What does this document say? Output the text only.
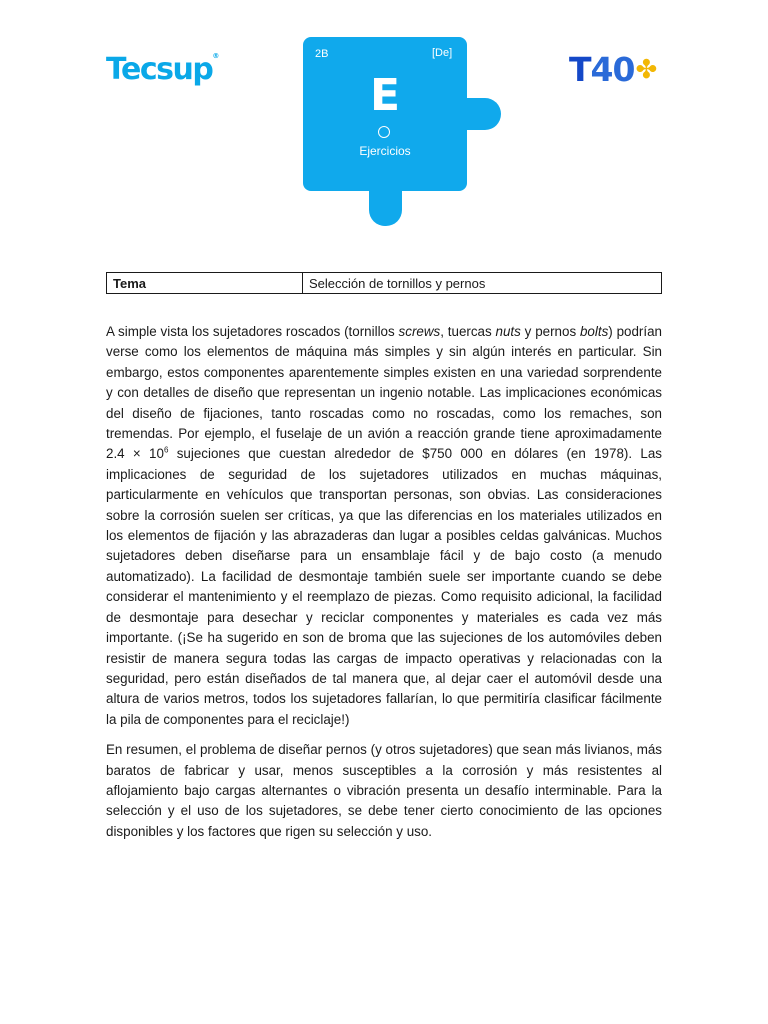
Tecsup®	T 40 ✤
2B	[De]
E
Ejercicios
Tema	Selección de tornillos y pernos

A simple vista los sujetadores roscados (tornillos screws, tuercas nuts y pernos bolts) podrían verse como los elementos de máquina más simples y sin algún interés en particular. Sin embargo, estos componentes aparentemente simples existen en una variedad sorprendente y con detalles de diseño que representan un ingenio notable. Las implicaciones económicas del diseño de fijaciones, tanto roscadas como no roscadas, como los remaches, son tremendas. Por ejemplo, el fuselaje de un avión a reacción grande tiene aproximadamente $2.4 \times 10^6$ sujeciones que cuestan alrededor de $750 000 en dólares (en 1978). Las implicaciones de seguridad de los sujetadores utilizados en muchas máquinas, particularmente en vehículos que transportan personas, son obvias. Las consideraciones sobre la corrosión suelen ser críticas, ya que las diferencias en los materiales utilizados en los elementos de fijación y las abrazaderas dan lugar a posibles celdas galvánicas. Muchos sujetadores deben diseñarse para un ensamblaje fácil y de bajo costo (a menudo automatizado). La facilidad de desmontaje también suele ser importante cuando se debe considerar el mantenimiento y el reemplazo de piezas. Como requisito adicional, la facilidad de desmontaje para desechar y reciclar componentes y materiales es cada vez más importante. (¡Se ha sugerido en son de broma que las sujeciones de los automóviles deben resistir de manera segura todas las cargas de impacto operativas y relacionadas con la seguridad, pero están diseñados de tal manera que, al dejar caer el automóvil desde una altura de varios metros, todos los sujetadores fallarían, lo que permitiría clasificar fácilmente la pila de componentes para el reciclaje!)

En resumen, el problema de diseñar pernos (y otros sujetadores) que sean más livianos, más baratos de fabricar y usar, menos susceptibles a la corrosión y más resistentes al aflojamiento bajo cargas alternantes o vibración presenta un desafío interminable. Para la selección y el uso de los sujetadores, se debe tener cierto conocimiento de las opciones disponibles y los factores que rigen su selección y uso.
